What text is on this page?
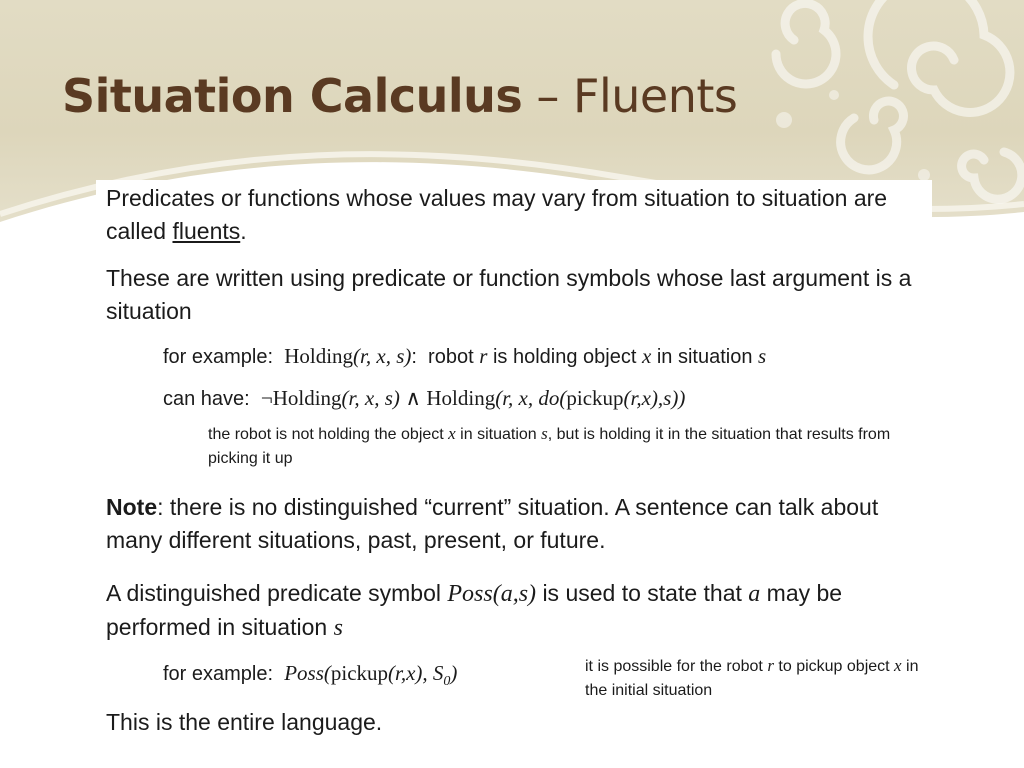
Situation Calculus – Fluents

Predicates or functions whose values may vary from situation to situation are called fluents.

These are written using predicate or function symbols whose last argument is a situation

for example: Holding(r, x, s): robot r is holding object x in situation s

can have: ¬Holding(r, x, s) ∧ Holding(r, x, do(pickup(r,x),s))

the robot is not holding the object x in situation s, but is holding it in the situation that results from picking it up

Note: there is no distinguished “current” situation. A sentence can talk about many different situations, past, present, or future.

A distinguished predicate symbol Poss(a,s) is used to state that a may be performed in situation s

for example: Poss(pickup(r,x), $S_0$)	it is possible for the robot r to pickup object x in the initial situation

This is the entire language.
